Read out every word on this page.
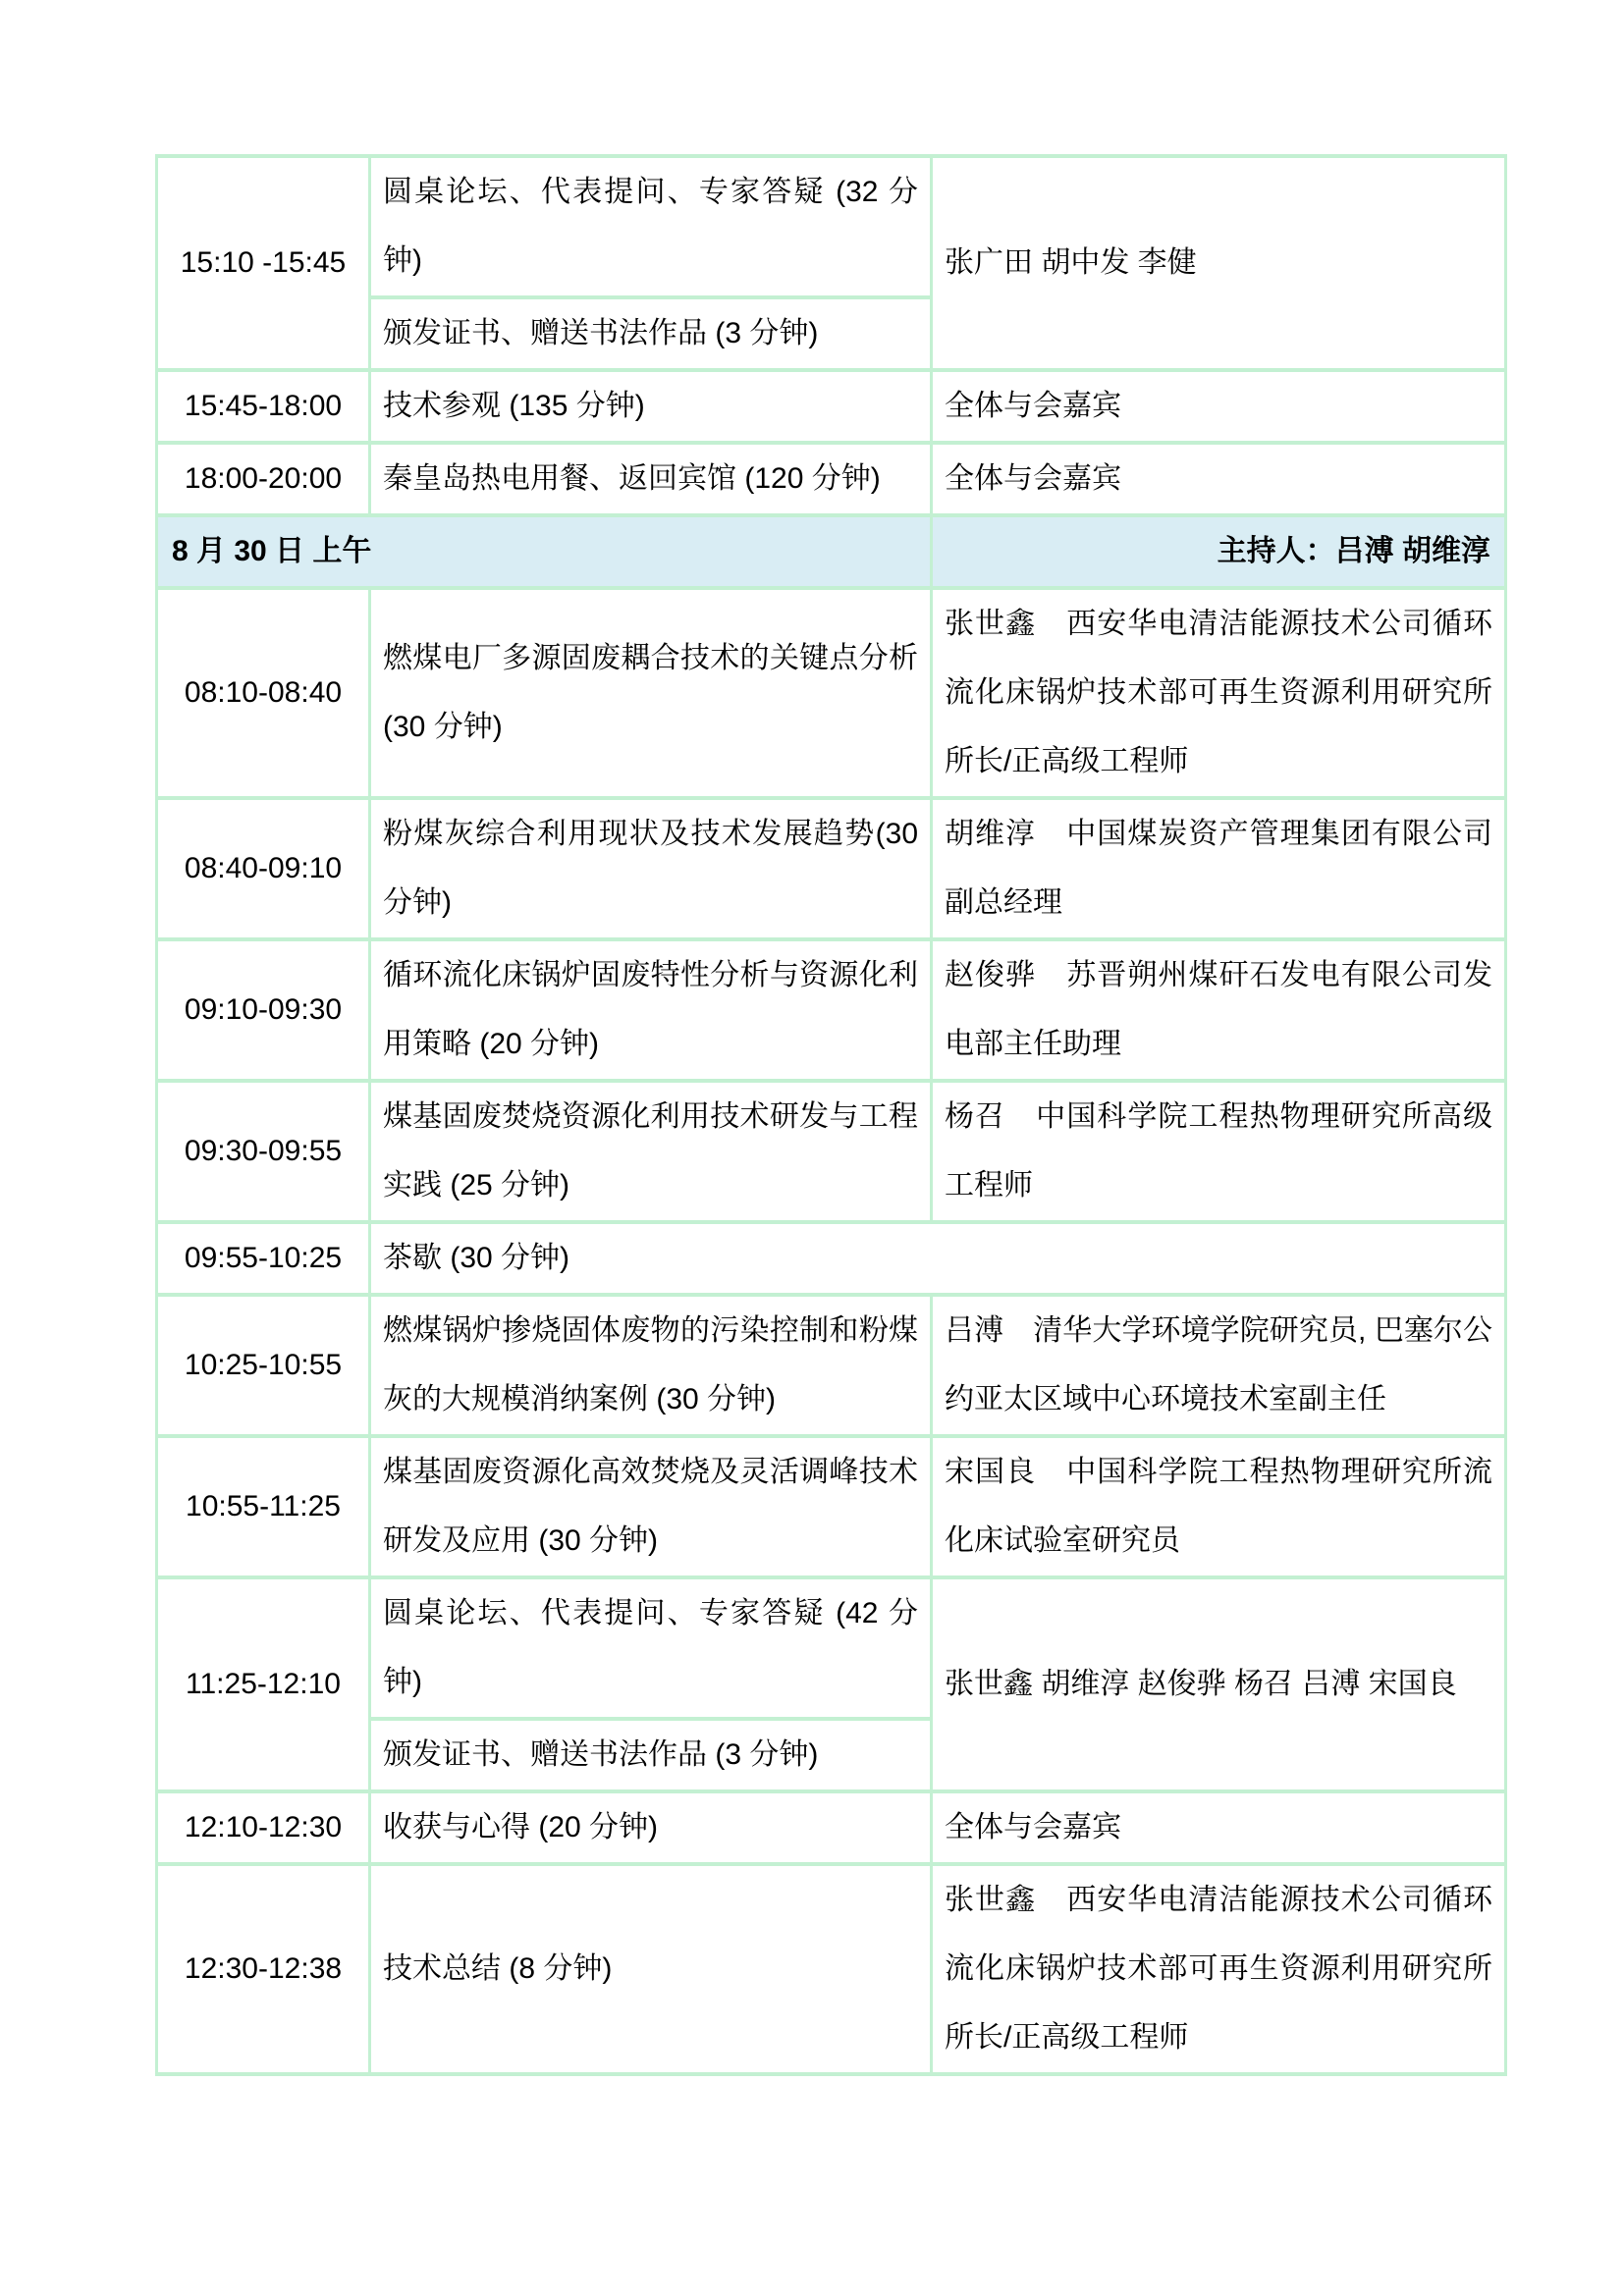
15:10 -15:45	圆桌论坛、代表提问、专家答疑 (32 分钟)	张广田 胡中发 李健
	颁发证书、赠送书法作品 (3 分钟)	
15:45-18:00	技术参观 (135 分钟)	全体与会嘉宾
18:00-20:00	秦皇岛热电用餐、返回宾馆 (120 分钟)	全体与会嘉宾
8 月 30 日 上午		主持人：吕溥 胡维淳
08:10-08:40	燃煤电厂多源固废耦合技术的关键点分析 (30 分钟)	张世鑫　西安华电清洁能源技术公司循环流化床锅炉技术部可再生资源利用研究所所长/正高级工程师
08:40-09:10	粉煤灰综合利用现状及技术发展趋势(30 分钟)	胡维淳　中国煤炭资产管理集团有限公司副总经理
09:10-09:30	循环流化床锅炉固废特性分析与资源化利用策略 (20 分钟)	赵俊骅　苏晋朔州煤矸石发电有限公司发电部主任助理
09:30-09:55	煤基固废焚烧资源化利用技术研发与工程实践 (25 分钟)	杨召　中国科学院工程热物理研究所高级工程师
09:55-10:25	茶歇 (30 分钟)	
10:25-10:55	燃煤锅炉掺烧固体废物的污染控制和粉煤灰的大规模消纳案例 (30 分钟)	吕溥　清华大学环境学院研究员, 巴塞尔公约亚太区域中心环境技术室副主任
10:55-11:25	煤基固废资源化高效焚烧及灵活调峰技术研发及应用 (30 分钟)	宋国良　中国科学院工程热物理研究所流化床试验室研究员
11:25-12:10	圆桌论坛、代表提问、专家答疑 (42 分钟)	张世鑫 胡维淳 赵俊骅 杨召 吕溥 宋国良
	颁发证书、赠送书法作品 (3 分钟)	
12:10-12:30	收获与心得 (20 分钟)	全体与会嘉宾
12:30-12:38	技术总结 (8 分钟)	张世鑫　西安华电清洁能源技术公司循环流化床锅炉技术部可再生资源利用研究所所长/正高级工程师
